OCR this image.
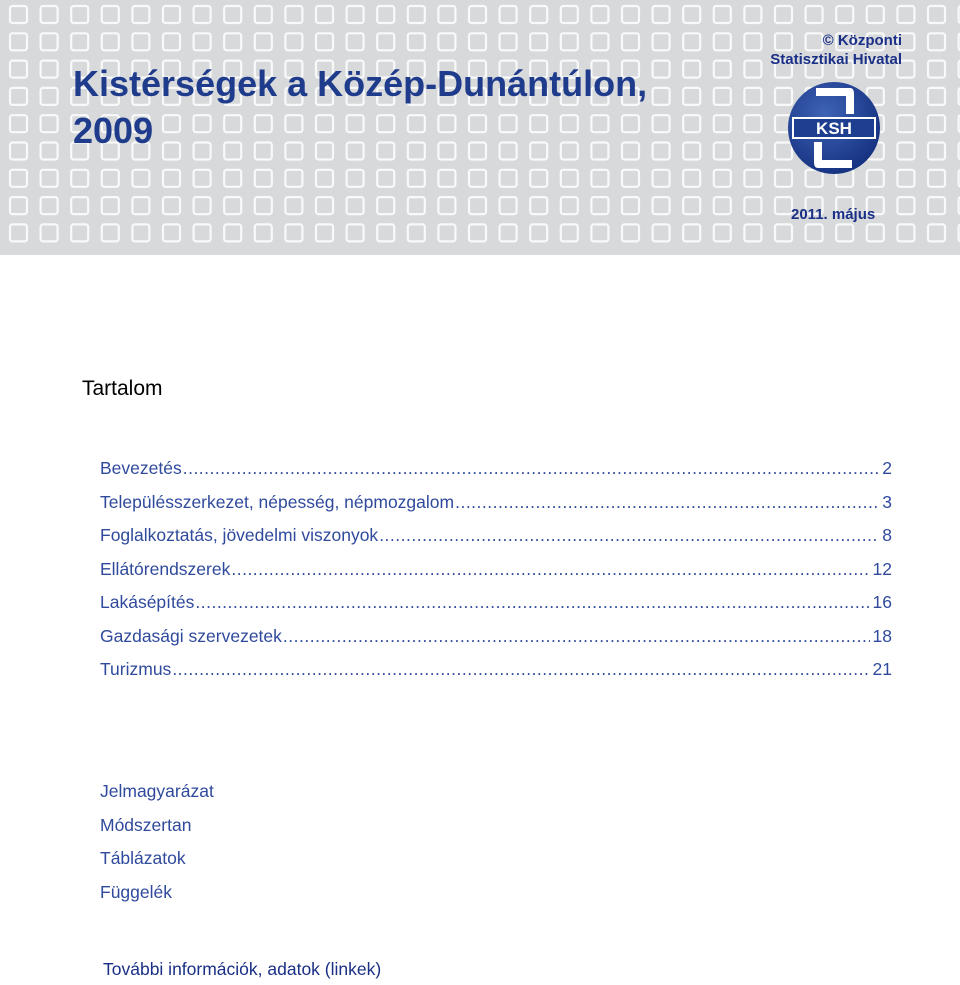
Kistérségek a Közép-Dunántúlon, 2009
© Központi
Statisztikai Hivatal
KSH
2011. május
Tartalom
Bevezetés .....	2
Településszerkezet, népesség, népmozgalom .....	3
Foglalkoztatás, jövedelmi viszonyok .....	8
Ellátórendszerek .....	12
Lakásépítés .....	16
Gazdasági szervezetek .....	18
Turizmus .....	21
Jelmagyarázat
Módszertan
Táblázatok
Függelék
További információk, adatok (linkek)
